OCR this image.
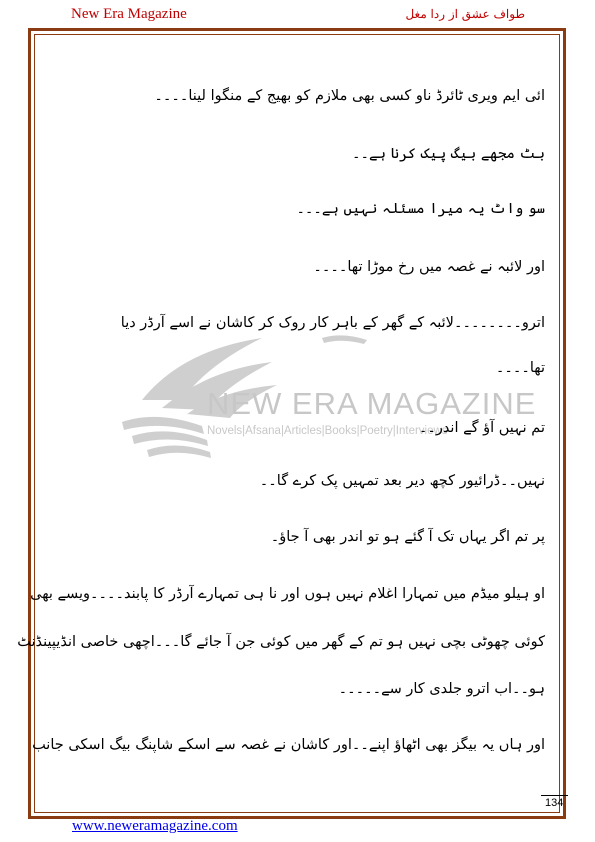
New Era Magazine	طواف عشق از ردا مغل
NEW ERA MAGAZINE
Novels|Afsana|Articles|Books|Poetry|Interviews
ائی ایم ویری ٹائرڈ ناو کسی بھی ملازم کو بھیج کے منگوا لینا۔۔۔۔
بٹ مجھے بیگ پیک کرنا ہے۔۔
سو واٹ یہ میرا مسئلہ نہیں ہے۔۔۔
اور لائبہ نے غصہ میں رخ موڑا تھا۔۔۔۔
اترو۔۔۔۔۔۔۔۔لائبہ کے گھر کے باہر کار روک کر کاشان نے اسے آرڈر دیا
تھا۔۔۔۔
تم نہیں آؤ گے اندر۔۔
نہیں۔۔ڈرائیور کچھ دیر بعد تمہیں پک کرے گا۔۔
پر تم اگر یہاں تک آ گئے ہو تو اندر بھی آ جاؤ۔
او ہیلو میڈم میں تمہارا اغلام نہیں ہوں اور نا ہی تمہارے آرڈر کا پابند۔۔۔۔ویسے بھی
کوئی چھوٹی بچی نہیں ہو تم کے گھر میں کوئی جن آ جائے گا۔۔۔اچھی خاصی انڈیپینڈنٹ
ہو۔۔اب اترو جلدی کار سے۔۔۔۔۔
اور ہاں یہ بیگز بھی اٹھاؤ اپنے۔۔اور کاشان نے غصہ سے اسکے شاپنگ بیگ اسکی جانب
134
www.neweramagazine.com
